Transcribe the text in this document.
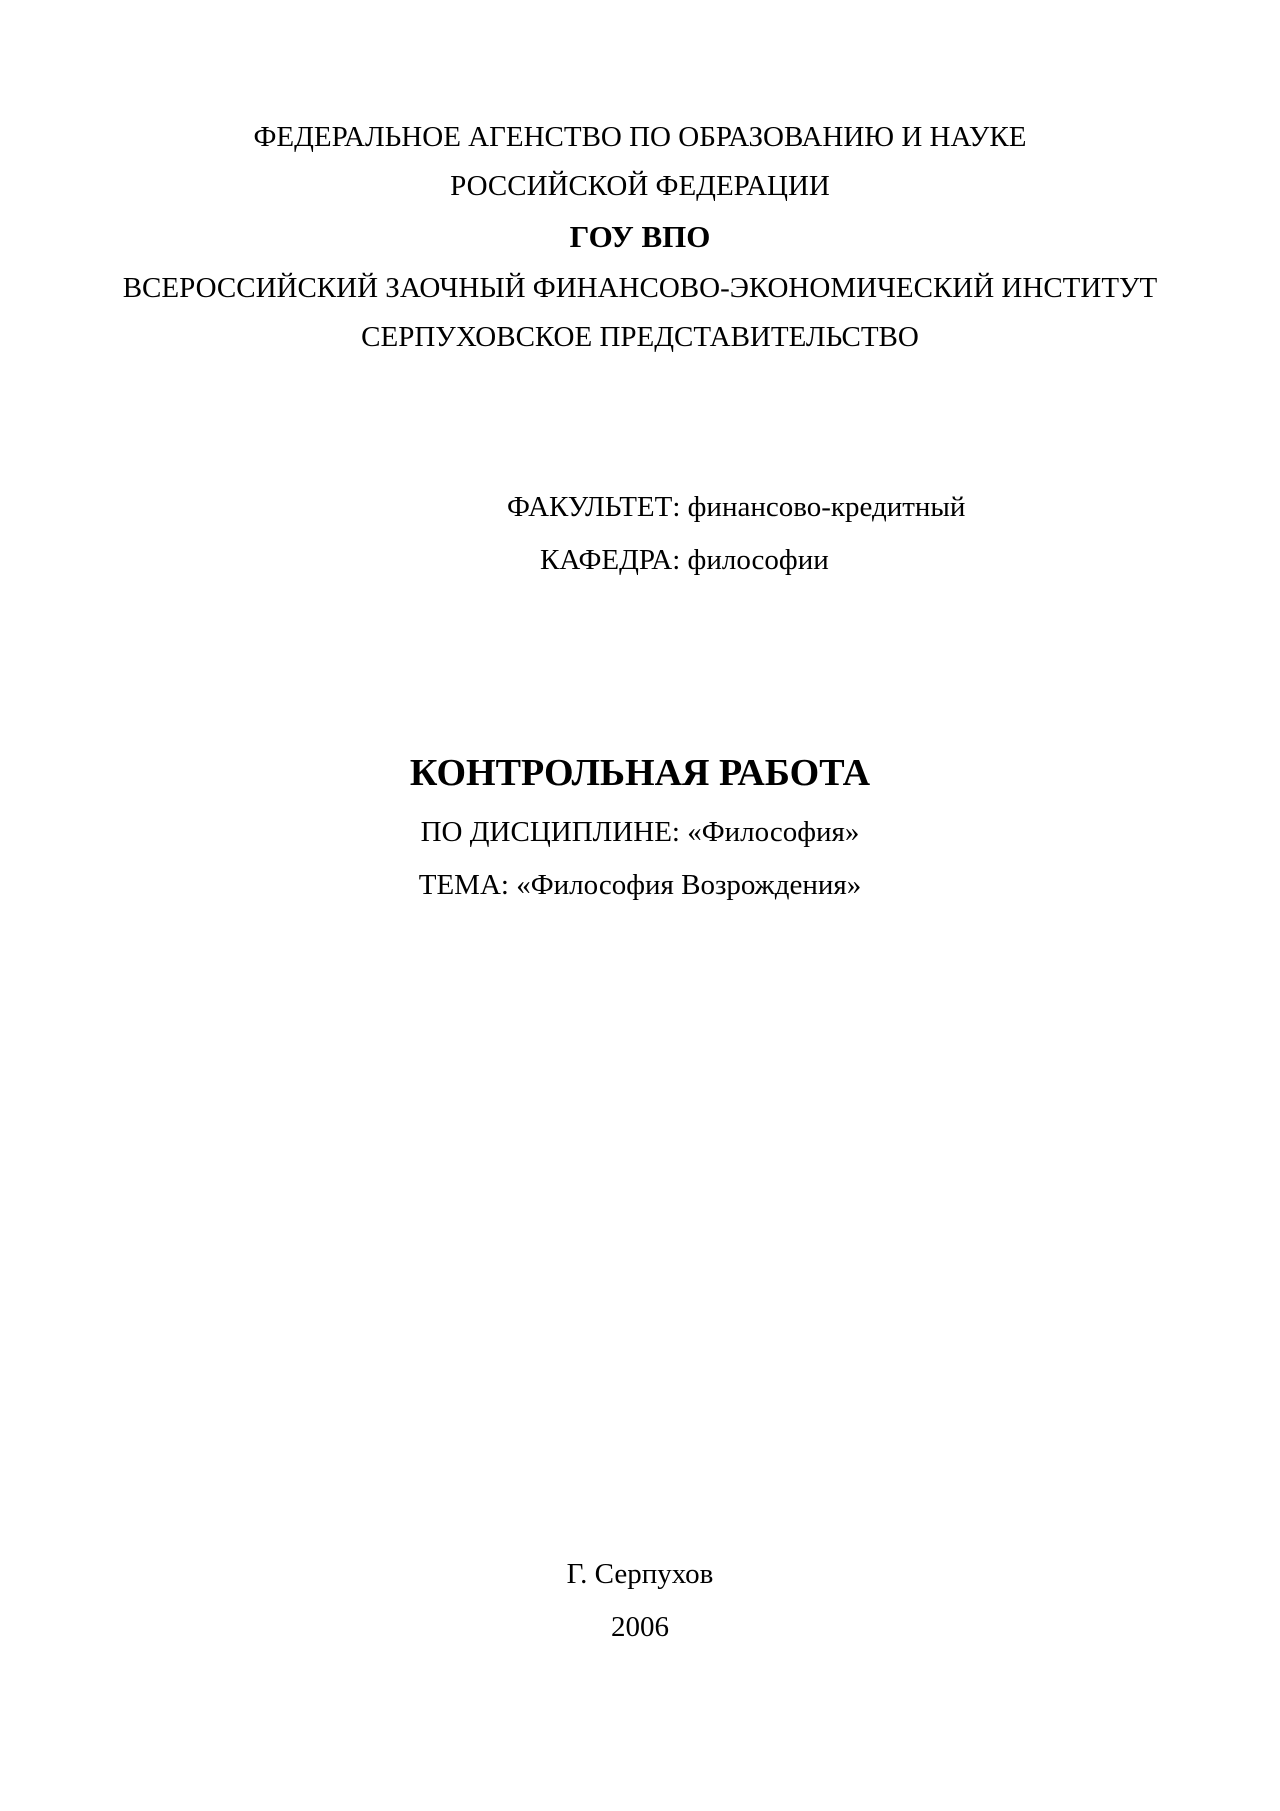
ФЕДЕРАЛЬНОЕ АГЕНСТВО ПО ОБРАЗОВАНИЮ И НАУКЕ
РОССИЙСКОЙ ФЕДЕРАЦИИ
ГОУ ВПО
ВСЕРОССИЙСКИЙ ЗАОЧНЫЙ ФИНАНСОВО-ЭКОНОМИЧЕСКИЙ ИНСТИТУТ
СЕРПУХОВСКОЕ ПРЕДСТАВИТЕЛЬСТВО
ФАКУЛЬТЕТ: финансово-кредитный
КАФЕДРА: философии
КОНТРОЛЬНАЯ РАБОТА
ПО ДИСЦИПЛИНЕ: «Философия»
ТЕМА: «Философия Возрождения»
Г. Серпухов
2006
